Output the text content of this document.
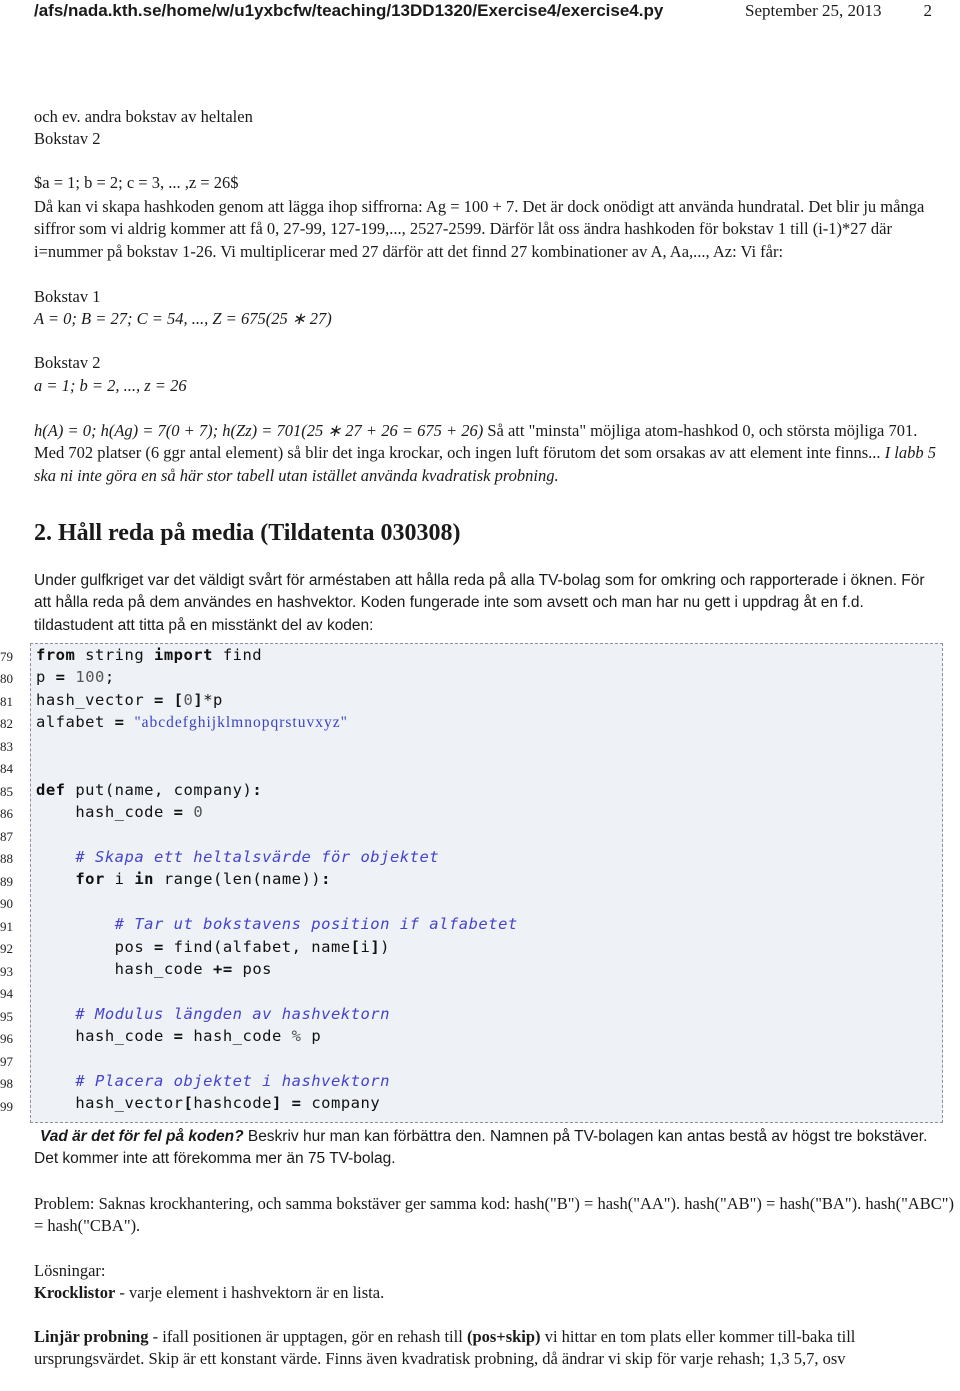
/afs/nada.kth.se/home/w/u1yxbcfw/teaching/13DD1320/Exercise4/exercise4.py	September 25, 2013 2
och ev. andra bokstav av heltalen
Bokstav 2
$a = 1; b = 2; c = 3, ... ,z = 26$
Då kan vi skapa hashkoden genom att lägga ihop siffrorna: Ag = 100 + 7. Det är dock onödigt att använda hundratal. Det blir ju många siffror som vi aldrig kommer att få 0, 27-99, 127-199,..., 2527-2599. Därför låt oss ändra hashkoden för bokstav 1 till (i-1)*27 där i=nummer på bokstav 1-26. Vi multiplicerar med 27 därför att det finnd 27 kombinationer av A, Aa,..., Az: Vi får:
Bokstav 1
A = 0; B = 27; C = 54, ..., Z = 675(25 ∗ 27)
Bokstav 2
a = 1; b = 2, ..., z = 26
h(A) = 0; h(Ag) = 7(0 + 7); h(Zz) = 701(25 ∗ 27 + 26 = 675 + 26) Så att "minsta" möjliga atom-hashkod 0, och största möjliga 701. Med 702 platser (6 ggr antal element) så blir det inga krockar, och ingen luft förutom det som orsakas av att element inte finns... I labb 5 ska ni inte göra en så här stor tabell utan istället använda kvadratisk probning.
2. Håll reda på media (Tildatenta 030308)
Under gulfkriget var det väldigt svårt för arméstaben att hålla reda på alla TV-bolag som for omkring och rapporterade i öknen. För att hålla reda på dem användes en hashvektor. Koden fungerade inte som avsett och man har nu gett i uppdrag åt en f.d. tildastudent att titta på en misstänkt del av koden:
79
80
81
82
83
84
85
86
87
88
89
90
91
92
93
94
95
96
97
98
99
from string import find
p = 100;
hash_vector = [0]*p
alfabet = "abcdefghijklmnopqrstuvxyz"
def put(name, company):
hash_code = 0
# Skapa ett heltalsvärde för objektet
for i in range(len(name)):
# Tar ut bokstavens position if alfabetet
pos = find(alfabet, name[i])
hash_code += pos
# Modulus längden av hashvektorn
hash_code = hash_code % p
# Placera objektet i hashvektorn
hash_vector[hashcode] = company
Vad är det för fel på koden? Beskriv hur man kan förbättra den. Namnen på TV-bolagen kan antas bestå av högst tre bokstäver. Det kommer inte att förekomma mer än 75 TV-bolag.
Problem: Saknas krockhantering, och samma bokstäver ger samma kod: hash("B") = hash("AA"). hash("AB") = hash("BA"). hash("ABC") = hash("CBA").
Lösningar:
Krocklistor - varje element i hashvektorn är en lista.
Linjär probning - ifall positionen är upptagen, gör en rehash till (pos+skip) vi hittar en tom plats eller kommer till-baka till ursprungsvärdet. Skip är ett konstant värde. Finns även kvadratisk probning, då ändrar vi skip för varje rehash; 1,3 5,7, osv
